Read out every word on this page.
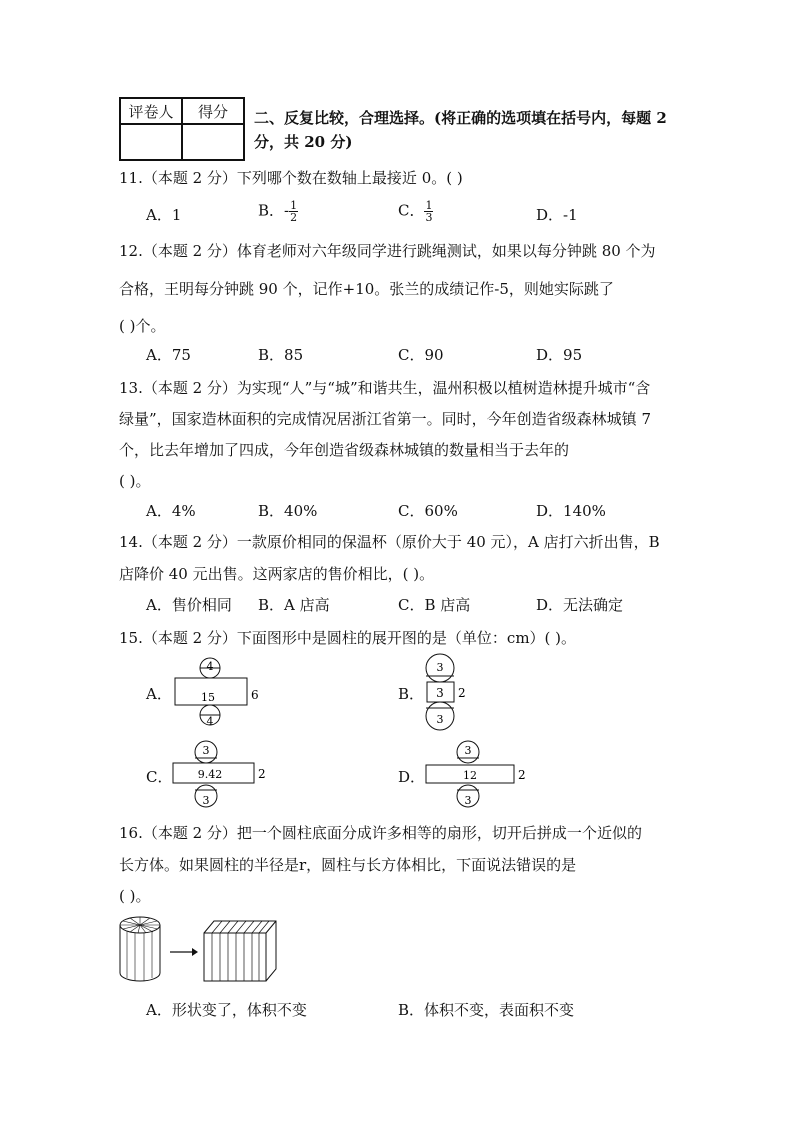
评卷人	得分
	二、反复比较，合理选择。(将正确的选项填在括号内，每题 2 分，共 20 分)
11.（本题 2 分）下列哪个数在数轴上最接近 0。( )
A．1	B．- $\frac{1}{2}$	C． $\frac{1}{3}$	D．-1
12.（本题 2 分）体育老师对六年级同学进行跳绳测试，如果以每分钟跳 80 个为
合格，王明每分钟跳 90 个，记作+10。张兰的成绩记作-5，则她实际跳了
( )个。
A．75	B．85	C．90	D．95
13.（本题 2 分）为实现“人”与“城”和谐共生，温州积极以植树造林提升城市“含
绿量”，国家造林面积的完成情况居浙江省第一。同时，今年创造省级森林城镇 7
个，比去年增加了四成，今年创造省级森林城镇的数量相当于去年的
( )。
A．4%	B．40%	C．60%	D．140%
14.（本题 2 分）一款原价相同的保温杯（原价大于 40 元），A 店打六折出售，B
店降价 40 元出售。这两家店的售价相比，( )。
A．售价相同 B．A 店高	C．B 店高	D．无法确定
15.（本题 2 分）下面图形中是圆柱的展开图的是（单位：cm）( )。
A．
4
15	6
4
B．
3
3 2
3
C．
3
9.42	2
3
D．
3
12	2
3
16.（本题 2 分）把一个圆柱底面分成许多相等的扇形，切开后拼成一个近似的
长方体。如果圆柱的半径是r，圆柱与长方体相比，下面说法错误的是
( )。
A．形状变了，体积不变	B．体积不变，表面积不变
